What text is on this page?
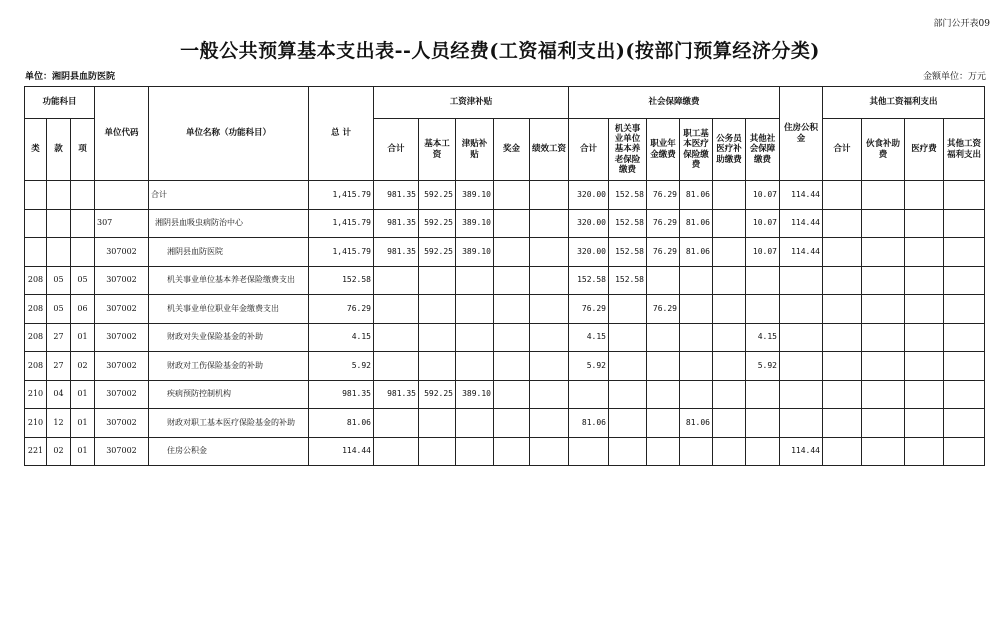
部门公开表09
一般公共预算基本支出表--人员经费(工资福利支出)(按部门预算经济分类)
单位：湘阴县血防医院	金额单位：万元
功能科目			单位代码	单位名称（功能科目）	总 计	工资津补贴					社会保障缴费						住房公积金	其他工资福利支出			
类	款	项				合计	基本工资	津贴补贴	奖金	绩效工资	合计	机关事业单位基本养老保险缴费	职业年金缴费	职工基本医疗保险缴费	公务员医疗补助缴费	其他社会保障缴费		合计	伙食补助费	医疗费	其他工资福利支出
				合计	1,415.79	981.35	592.25	389.10			320.00	152.58	76.29	81.06		10.07	114.44				
			307	湘阴县血吸虫病防治中心	1,415.79	981.35	592.25	389.10			320.00	152.58	76.29	81.06		10.07	114.44				
			307002	湘阴县血防医院	1,415.79	981.35	592.25	389.10			320.00	152.58	76.29	81.06		10.07	114.44				
208	05	05	307002	机关事业单位基本养老保险缴费支出	152.58						152.58	152.58									
208	05	06	307002	机关事业单位职业年金缴费支出	76.29						76.29		76.29								
208	27	01	307002	财政对失业保险基金的补助	4.15						4.15					4.15					
208	27	02	307002	财政对工伤保险基金的补助	5.92						5.92					5.92					
210	04	01	307002	疾病预防控制机构	981.35	981.35	592.25	389.10													
210	12	01	307002	财政对职工基本医疗保险基金的补助	81.06						81.06			81.06							
221	02	01	307002	住房公积金	114.44												114.44				
